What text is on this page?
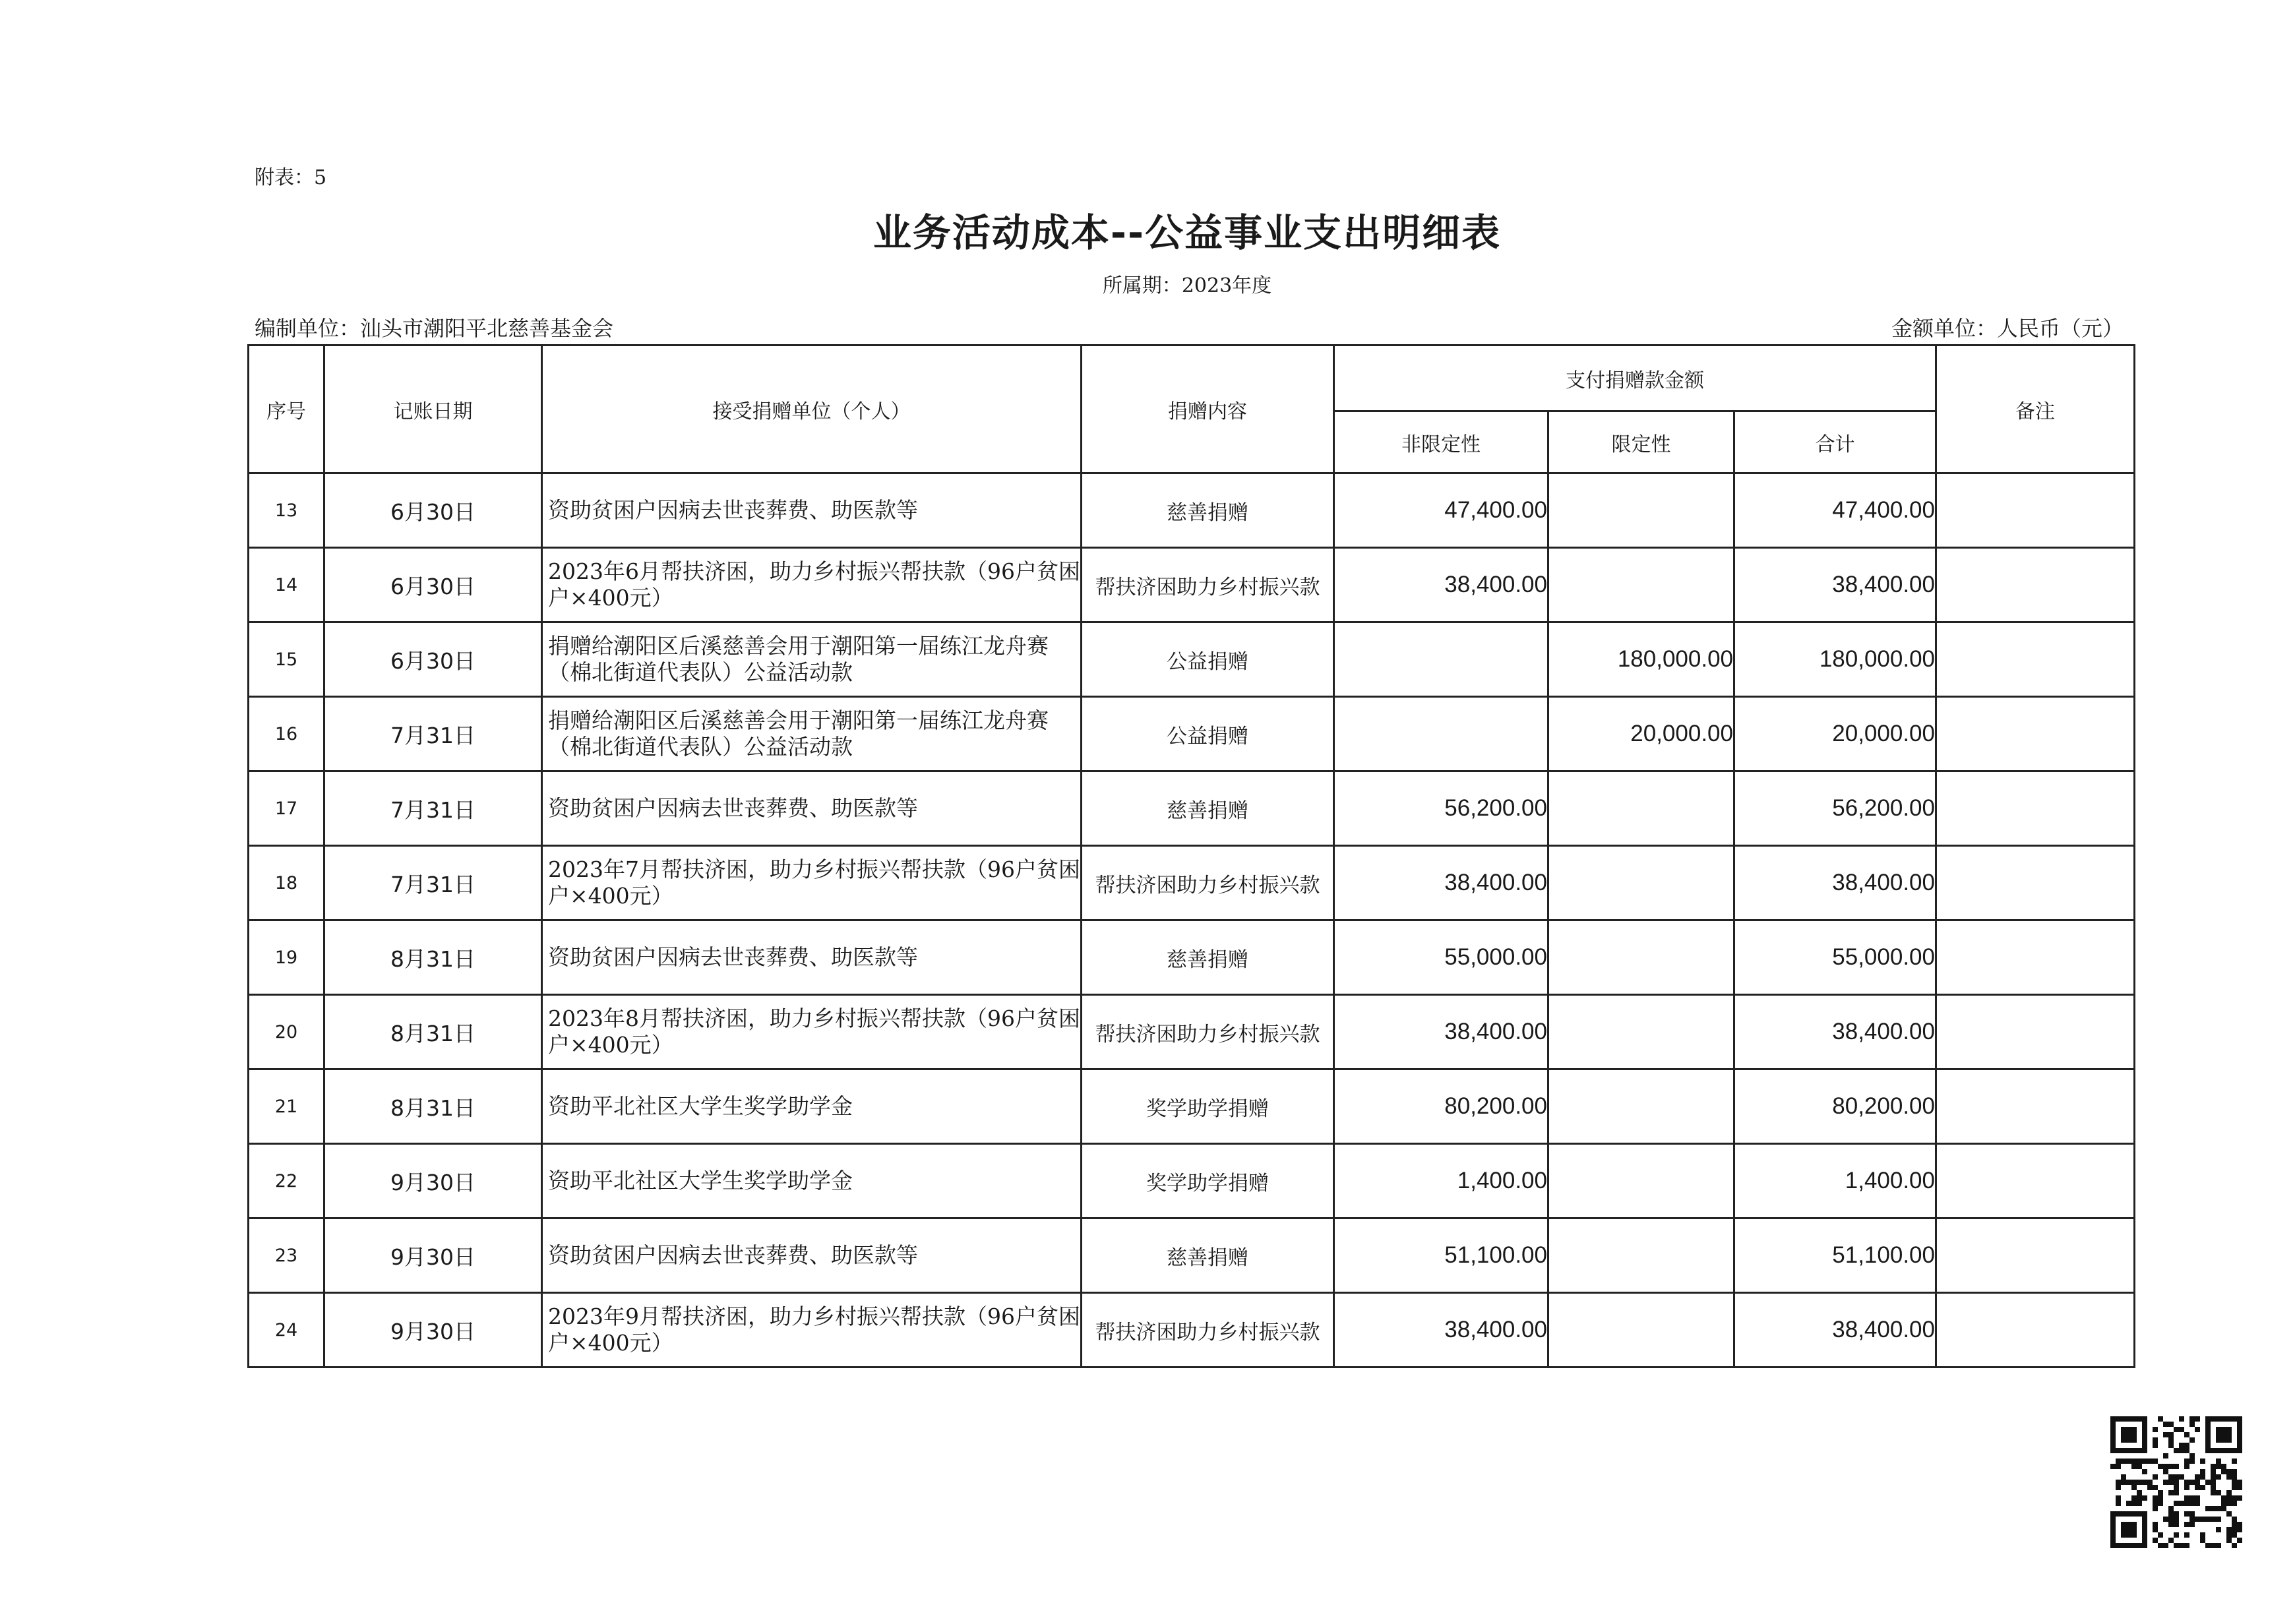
附表：5
业务活动成本--公益事业支出明细表
所属期：2023年度
编制单位：汕头市潮阳平北慈善基金会	金额单位：人民币（元）
序号	记账日期	接受捐赠单位（个人）	捐赠内容	支付捐赠款金额			备注
				非限定性	限定性	合计	
13	6月30日	资助贫困户因病去世丧葬费、助医款等	慈善捐赠	47,400.00		47,400.00	
14	6月30日	2023年6月帮扶济困，助力乡村振兴帮扶款（96户贫困户×400元）	帮扶济困助力乡村振兴款	38,400.00		38,400.00	
15	6月30日	捐赠给潮阳区后溪慈善会用于潮阳第一届练江龙舟赛（棉北街道代表队）公益活动款	公益捐赠		180,000.00	180,000.00	
16	7月31日	捐赠给潮阳区后溪慈善会用于潮阳第一届练江龙舟赛（棉北街道代表队）公益活动款	公益捐赠		20,000.00	20,000.00	
17	7月31日	资助贫困户因病去世丧葬费、助医款等	慈善捐赠	56,200.00		56,200.00	
18	7月31日	2023年7月帮扶济困，助力乡村振兴帮扶款（96户贫困户×400元）	帮扶济困助力乡村振兴款	38,400.00		38,400.00	
19	8月31日	资助贫困户因病去世丧葬费、助医款等	慈善捐赠	55,000.00		55,000.00	
20	8月31日	2023年8月帮扶济困，助力乡村振兴帮扶款（96户贫困户×400元）	帮扶济困助力乡村振兴款	38,400.00		38,400.00	
21	8月31日	资助平北社区大学生奖学助学金	奖学助学捐赠	80,200.00		80,200.00	
22	9月30日	资助平北社区大学生奖学助学金	奖学助学捐赠	1,400.00		1,400.00	
23	9月30日	资助贫困户因病去世丧葬费、助医款等	慈善捐赠	51,100.00		51,100.00	
24	9月30日	2023年9月帮扶济困，助力乡村振兴帮扶款（96户贫困户×400元）	帮扶济困助力乡村振兴款	38,400.00		38,400.00	
